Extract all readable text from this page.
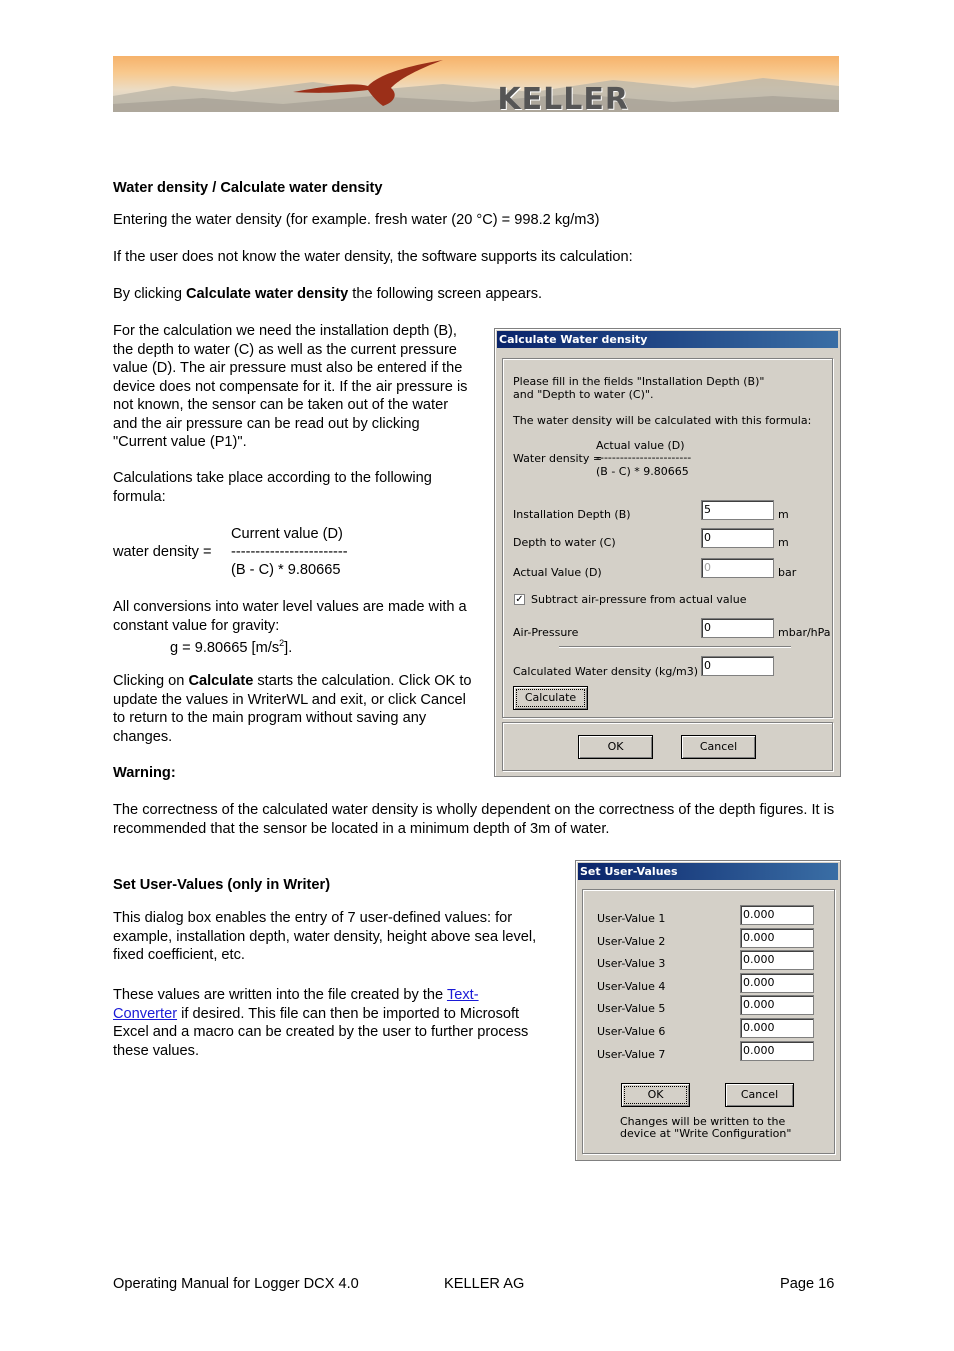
KELLER
Water density / Calculate water density
Entering the water density (for example. fresh water (20 °C) = 998.2 kg/m3)
If the user does not know the water density, the software supports its calculation:
By clicking Calculate water density the following screen appears.
For the calculation we need the installation depth (B), the depth to water (C) as well as the current pressure value (D). The air pressure must also be entered if the device does not compensate for it. If the air pressure is not known, the sensor can be taken out of the water and the air pressure can be read out by clicking "Current value (P1)".
Calculations take place according to the following formula:
Current value (D)
water density = ------------------------
(B - C) * 9.80665
All conversions into water level values are made with a constant value for gravity:
g = 9.80665 $[m/s^2]$.
Clicking on Calculate starts the calculation. Click OK to update the values in WriterWL and exit, or click Cancel to return to the main program without saving any changes.
Warning:
The correctness of the calculated water density is wholly dependent on the correctness of the depth figures. It is recommended that the sensor be located in a minimum depth of 3m of water.
Calculate Water density
Please fill in the fields "Installation Depth (B)" and "Depth to water (C)".
The water density will be calculated with this formula:
Actual value (D)
Water density =
------------------------
(B - C) * 9.80665
Installation Depth (B)	5	m
Depth to water (C)	0	m
Actual Value (D)	0	bar
✓ Subtract air-pressure from actual value
Air-Pressure	0	mbar/hPa
Calculated Water density (kg/m3) 0
Calculate
OK	Cancel
Set User-Values (only in Writer)
This dialog box enables the entry of 7 user-defined values: for example, installation depth, water density, height above sea level, fixed coefficient, etc.
These values are written into the file created by the Text-Converter if desired. This file can then be imported to Microsoft Excel and a macro can be created by the user to further process these values.
Set User-Values
User-Value 1	0.000
User-Value 2	0.000
User-Value 3	0.000
User-Value 4	0.000
User-Value 5	0.000
User-Value 6	0.000
User-Value 7	0.000
OK	Cancel
Changes will be written to the device at "Write Configuration"
Operating Manual for Logger DCX 4.0	KELLER AG	Page 16
